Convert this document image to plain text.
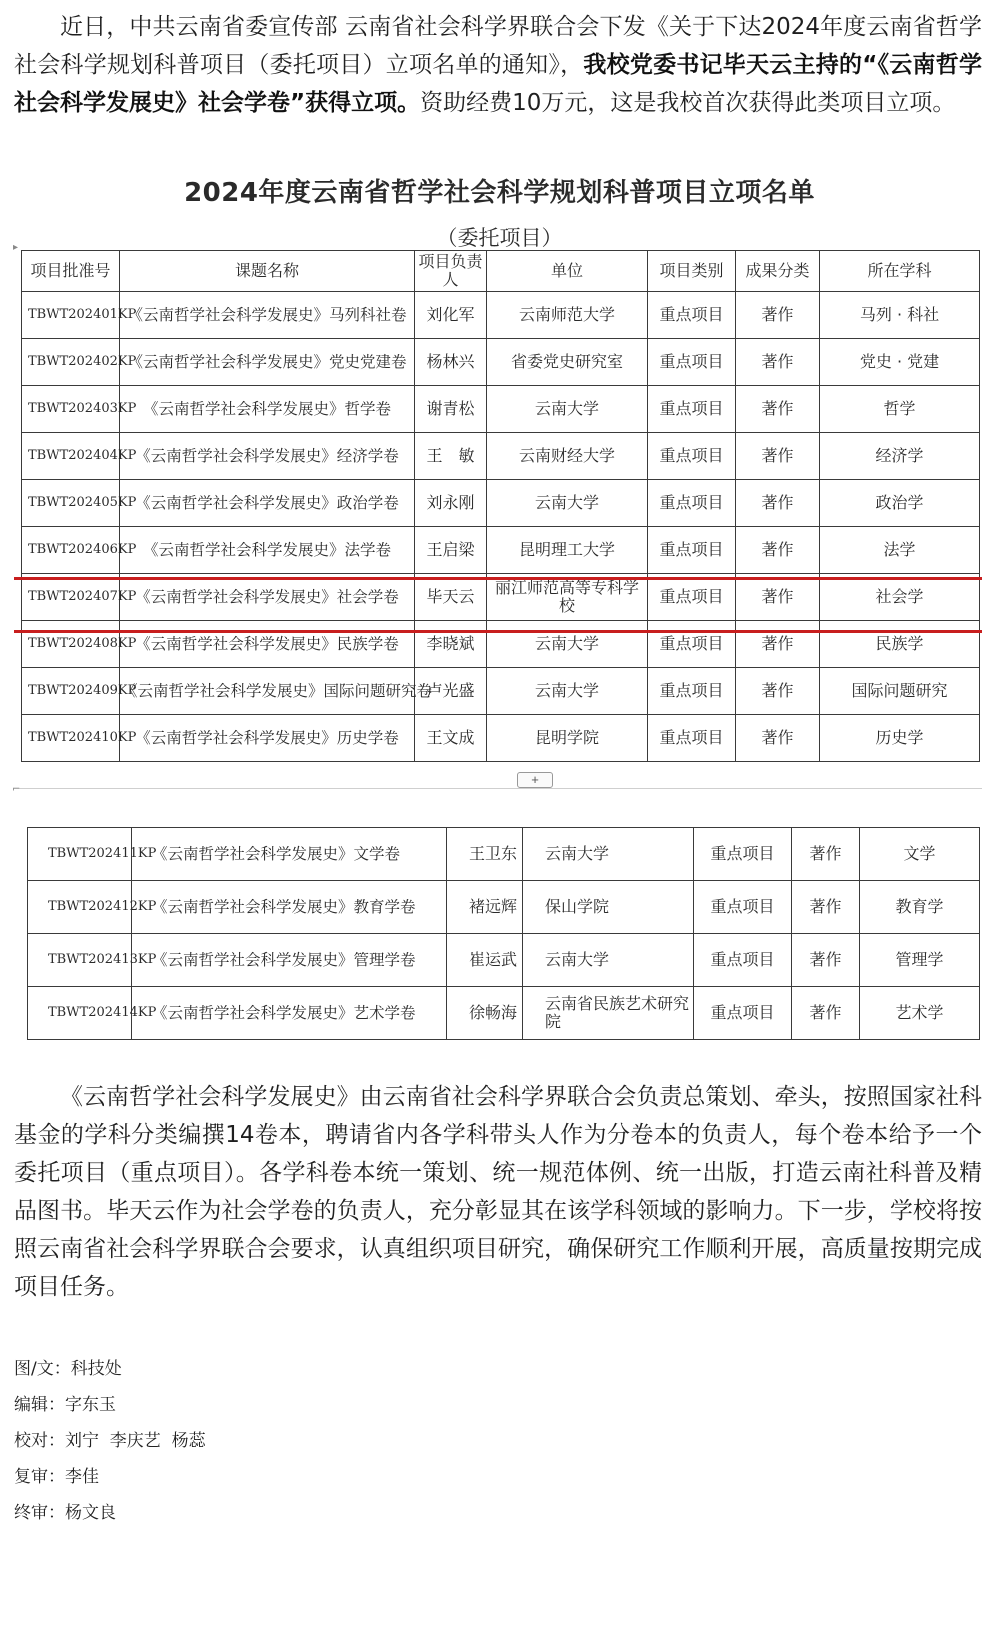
近日，中共云南省委宣传部 云南省社会科学界联合会下发《关于下达2024年度云南省哲学社会科学规划科普项目（委托项目）立项名单的通知》，我校党委书记毕天云主持的“《云南哲学社会科学发展史》社会学卷”获得立项。资助经费10万元，这是我校首次获得此类项目立项。

2024年度云南省哲学社会科学规划科普项目立项名单
（委托项目）
▸
项目批准号	课题名称	项目负责人	单位	项目类别	成果分类	所在学科
TBWT202401KP	《云南哲学社会科学发展史》马列科社卷	刘化军	云南师范大学	重点项目	著作	马列 · 科社
TBWT202402KP	《云南哲学社会科学发展史》党史党建卷	杨林兴	省委党史研究室	重点项目	著作	党史 · 党建
TBWT202403KP	《云南哲学社会科学发展史》哲学卷	谢青松	云南大学	重点项目	著作	哲学
TBWT202404KP	《云南哲学社会科学发展史》经济学卷	王　敏	云南财经大学	重点项目	著作	经济学
TBWT202405KP	《云南哲学社会科学发展史》政治学卷	刘永刚	云南大学	重点项目	著作	政治学
TBWT202406KP	《云南哲学社会科学发展史》法学卷	王启梁	昆明理工大学	重点项目	著作	法学
TBWT202407KP	《云南哲学社会科学发展史》社会学卷	毕天云	丽江师范高等专科学校	重点项目	著作	社会学
TBWT202408KP	《云南哲学社会科学发展史》民族学卷	李晓斌	云南大学	重点项目	著作	民族学
TBWT202409KP	《云南哲学社会科学发展史》国际问题研究卷	卢光盛	云南大学	重点项目	著作	国际问题研究
TBWT202410KP	《云南哲学社会科学发展史》历史学卷	王文成	昆明学院	重点项目	著作	历史学
+
⌐
TBWT202411KP	《云南哲学社会科学发展史》文学卷	王卫东	云南大学	重点项目	著作	文学
TBWT202412KP	《云南哲学社会科学发展史》教育学卷	褚远辉	保山学院	重点项目	著作	教育学
TBWT202413KP	《云南哲学社会科学发展史》管理学卷	崔运武	云南大学	重点项目	著作	管理学
TBWT202414KP	《云南哲学社会科学发展史》艺术学卷	徐畅海	云南省民族艺术研究院	重点项目	著作	艺术学

《云南哲学社会科学发展史》由云南省社会科学界联合会负责总策划、牵头，按照国家社科基金的学科分类编撰14卷本，聘请省内各学科带头人作为分卷本的负责人，每个卷本给予一个委托项目（重点项目）。各学科卷本统一策划、统一规范体例、统一出版，打造云南社科普及精品图书。毕天云作为社会学卷的负责人，充分彰显其在该学科领域的影响力。下一步，学校将按照云南省社会科学界联合会要求，认真组织项目研究，确保研究工作顺利开展，高质量按期完成项目任务。

图/文：科技处
编辑：字东玉
校对：刘宁  李庆艺  杨蕊
复审：李佳
终审：杨文良
